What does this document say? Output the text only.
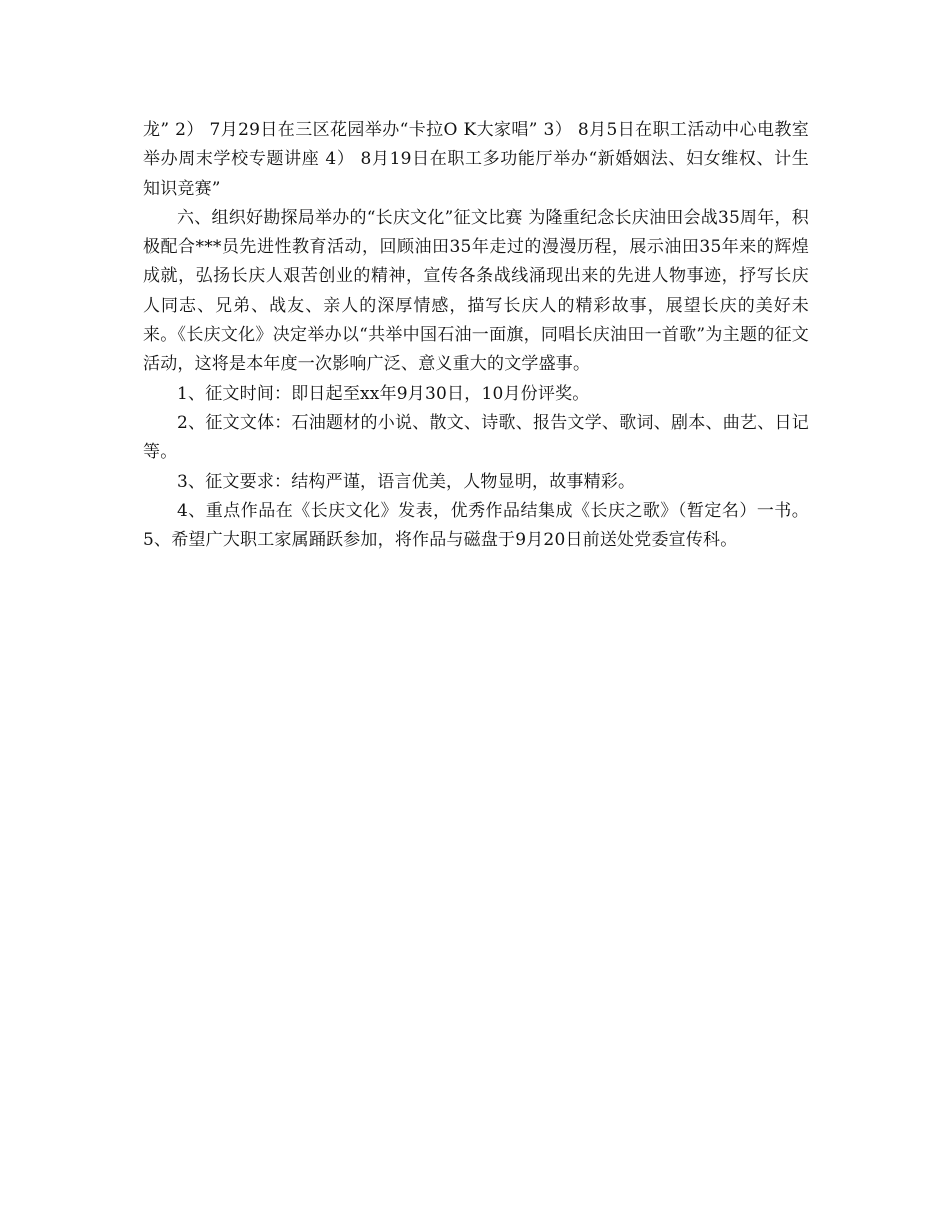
龙” 2） 7月29日在三区花园举办“卡拉O K大家唱” 3） 8月5日在职工活动中心电教室举办周末学校专题讲座 4） 8月19日在职工多功能厅举办“新婚姻法、妇女维权、计生知识竞赛”

六、组织好勘探局举办的“长庆文化”征文比赛 为隆重纪念长庆油田会战35周年，积极配合***员先进性教育活动，回顾油田35年走过的漫漫历程，展示油田35年来的辉煌成就，弘扬长庆人艰苦创业的精神，宣传各条战线涌现出来的先进人物事迹，抒写长庆人同志、兄弟、战友、亲人的深厚情感，描写长庆人的精彩故事，展望长庆的美好未来。《长庆文化》决定举办以“共举中国石油一面旗，同唱长庆油田一首歌”为主题的征文活动，这将是本年度一次影响广泛、意义重大的文学盛事。

1、征文时间：即日起至xx年9月30日，10月份评奖。

2、征文文体：石油题材的小说、散文、诗歌、报告文学、歌词、剧本、曲艺、日记等。

3、征文要求：结构严谨，语言优美，人物显明，故事精彩。

4、重点作品在《长庆文化》发表，优秀作品结集成《长庆之歌》（暂定名）一书。 5、希望广大职工家属踊跃参加，将作品与磁盘于9月20日前送处党委宣传科。
